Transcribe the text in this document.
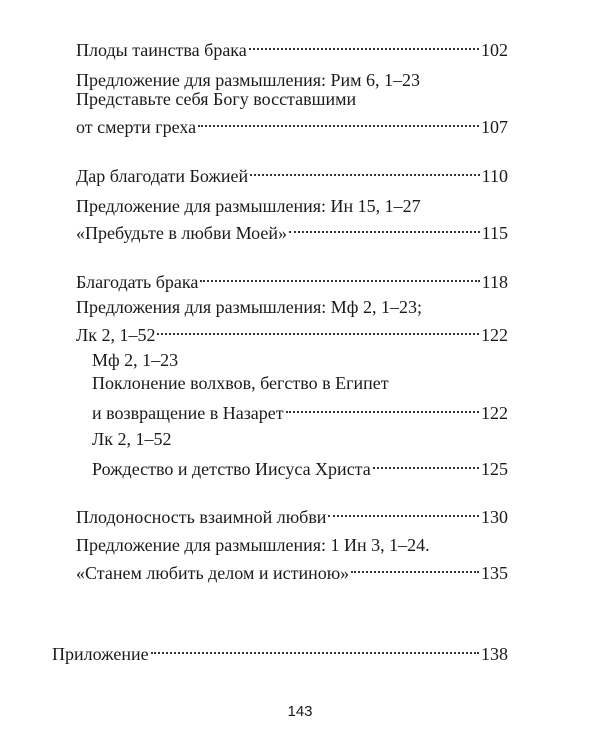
Плоды таинства брака	102
Предложение для размышления: Рим 6, 1–23
Представьте себя Богу восставшими
от смерти греха	107
Дар благодати Божией	110
Предложение для размышления: Ин 15, 1–27
«Пребудьте в любви Моей»	115
Благодать брака	118
Предложения для размышления: Мф 2, 1–23;
Лк 2, 1–52	122
Мф 2, 1–23
Поклонение волхвов, бегство в Египет
и возвращение в Назарет	122
Лк 2, 1–52
Рождество и детство Иисуса Христа	125
Плодоносность взаимной любви	130
Предложение для размышления: 1 Ин 3, 1–24.
«Станем любить делом и истиною»	135
Приложение	138
143
